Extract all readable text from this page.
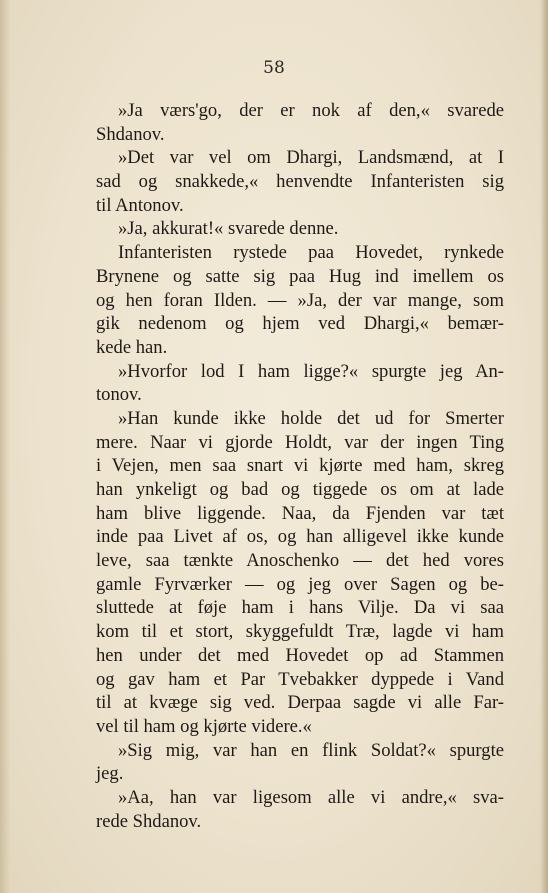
58

»Ja værs'go, der er nok af den,« svarede
Shdanov.
»Det var vel om Dhargi, Landsmænd, at I
sad og snakkede,« henvendte Infanteristen sig
til Antonov.
»Ja, akkurat!« svarede denne.
Infanteristen rystede paa Hovedet, rynkede
Brynene og satte sig paa Hug ind imellem os
og hen foran Ilden. — »Ja, der var mange, som
gik nedenom og hjem ved Dhargi,« bemær-
kede han.
»Hvorfor lod I ham ligge?« spurgte jeg An-
tonov.
»Han kunde ikke holde det ud for Smerter
mere. Naar vi gjorde Holdt, var der ingen Ting
i Vejen, men saa snart vi kjørte med ham, skreg
han ynkeligt og bad og tiggede os om at lade
ham blive liggende. Naa, da Fjenden var tæt
inde paa Livet af os, og han alligevel ikke kunde
leve, saa tænkte Anoschenko — det hed vores
gamle Fyrværker — og jeg over Sagen og be-
sluttede at føje ham i hans Vilje. Da vi saa
kom til et stort, skyggefuldt Træ, lagde vi ham
hen under det med Hovedet op ad Stammen
og gav ham et Par Tvebakker dyppede i Vand
til at kvæge sig ved. Derpaa sagde vi alle Far-
vel til ham og kjørte videre.«
»Sig mig, var han en flink Soldat?« spurgte
jeg.
»Aa, han var ligesom alle vi andre,« sva-
rede Shdanov.
